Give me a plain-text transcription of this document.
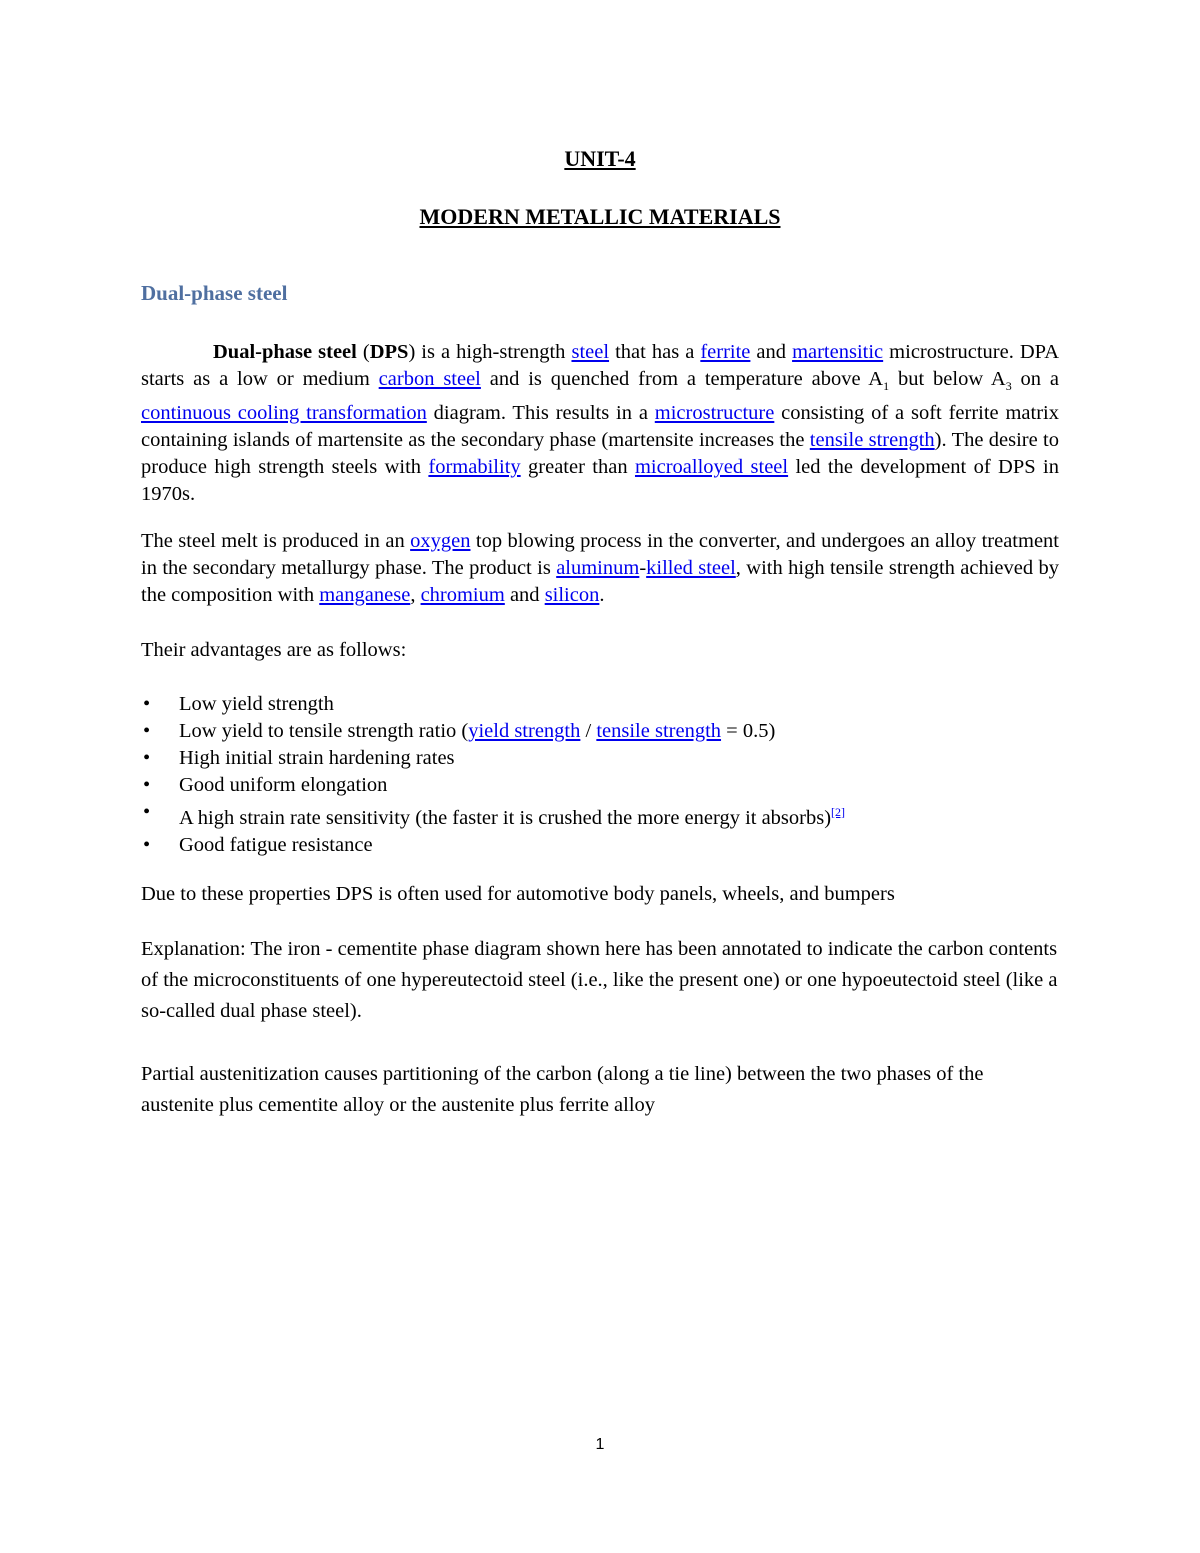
UNIT-4
MODERN METALLIC MATERIALS
Dual-phase steel

Dual-phase steel (DPS) is a high-strength steel that has a ferrite and martensitic microstructure. DPA starts as a low or medium carbon steel and is quenched from a temperature above $A_1$ but below $A_3$ on a continuous cooling transformation diagram. This results in a microstructure consisting of a soft ferrite matrix containing islands of martensite as the secondary phase (martensite increases the tensile strength). The desire to produce high strength steels with formability greater than microalloyed steel led the development of DPS in 1970s.

The steel melt is produced in an oxygen top blowing process in the converter, and undergoes an alloy treatment in the secondary metallurgy phase. The product is aluminum-killed steel, with high tensile strength achieved by the composition with manganese, chromium and silicon.

Their advantages are as follows:

• Low yield strength
• Low yield to tensile strength ratio (yield strength / tensile strength = 0.5)
• High initial strain hardening rates
• Good uniform elongation
• A high strain rate sensitivity (the faster it is crushed the more energy it absorbs)[2]
• Good fatigue resistance

Due to these properties DPS is often used for automotive body panels, wheels, and bumpers

Explanation: The iron - cementite phase diagram shown here has been annotated to indicate the carbon contents of the microconstituents of one hypereutectoid steel (i.e., like the present one) or one hypoeutectoid steel (like a so-called dual phase steel).

Partial austenitization causes partitioning of the carbon (along a tie line) between the two phases of the austenite plus cementite alloy or the austenite plus ferrite alloy

1
